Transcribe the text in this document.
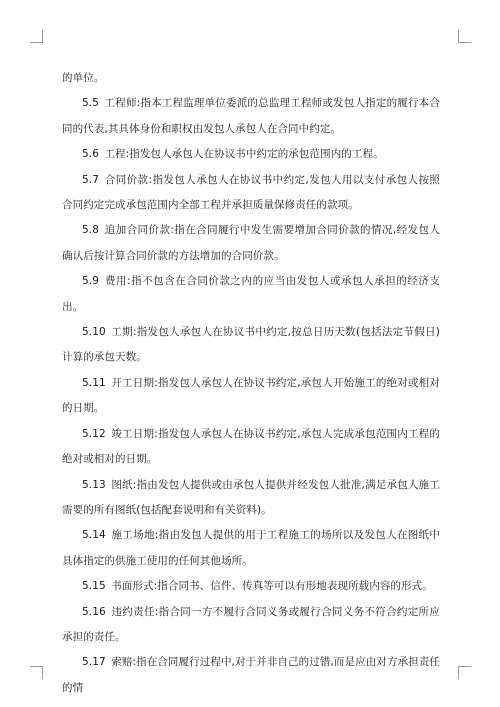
的单位。

5.5 工程师:指本工程监理单位委派的总监理工程师或发包人指定的履行本合同的代表,其具体身份和职权由发包人承包人在合同中约定。

5.6 工程:指发包人承包人在协议书中约定的承包范围内的工程。

5.7 合同价款:指发包人承包人在协议书中约定,发包人用以支付承包人按照合同约定完成承包范围内全部工程并承担质量保修责任的款项。

5.8 追加合同价款:指在合同履行中发生需要增加合同价款的情况,经发包人确认后按计算合同价款的方法增加的合同价款。

5.9 费用:指不包含在合同价款之内的应当由发包人或承包人承担的经济支出。

5.10 工期:指发包人承包人在协议书中约定,按总日历天数(包括法定节假日)计算的承包天数。

5.11 开工日期:指发包人承包人在协议书约定,承包人开始施工的绝对或相对的日期。

5.12 竣工日期:指发包人承包人在协议书约定,承包人完成承包范围内工程的绝对或相对的日期。

5.13 图纸:指由发包人提供或由承包人提供并经发包人批准,满足承包人施工需要的所有图纸(包括配套说明和有关资料)。

5.14 施工场地:指由发包人提供的用于工程施工的场所以及发包人在图纸中具体指定的供施工使用的任何其他场所。

5.15 书面形式:指合同书、信件、传真等可以有形地表现所载内容的形式。

5.16 违约责任:指合同一方不履行合同义务或履行合同义务不符合约定所应承担的责任。

5.17 索赔:指在合同履行过程中,对于并非自己的过错,而是应由对方承担责任的情
